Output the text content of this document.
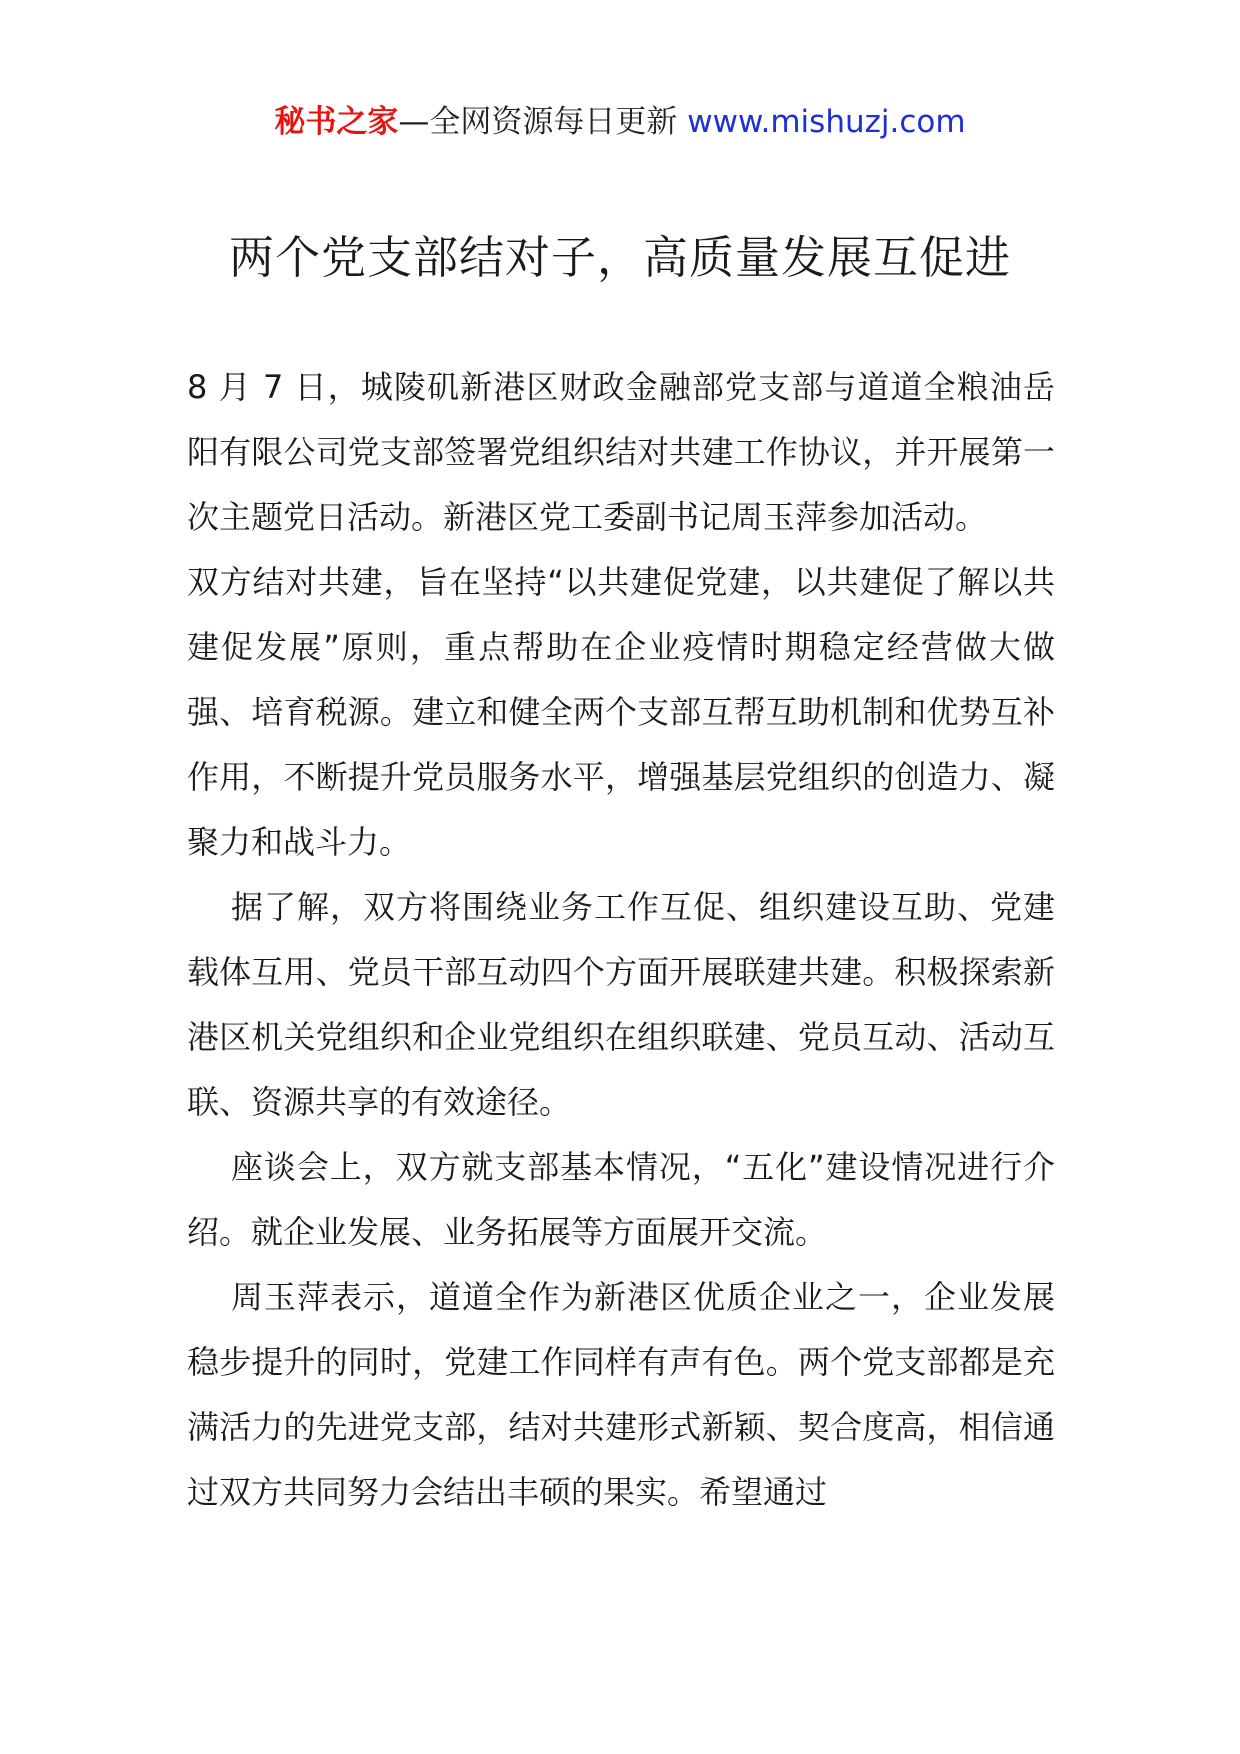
秘书之家—全网资源每日更新 www.mishuzj.com
两个党支部结对子，高质量发展互促进

8 月 7 日，城陵矶新港区财政金融部党支部与道道全粮油岳阳有限公司党支部签署党组织结对共建工作协议，并开展第一次主题党日活动。新港区党工委副书记周玉萍参加活动。

双方结对共建，旨在坚持“以共建促党建，以共建促了解以共建促发展”原则，重点帮助在企业疫情时期稳定经营做大做强、培育税源。建立和健全两个支部互帮互助机制和优势互补作用，不断提升党员服务水平，增强基层党组织的创造力、凝聚力和战斗力。

据了解，双方将围绕业务工作互促、组织建设互助、党建载体互用、党员干部互动四个方面开展联建共建。积极探索新港区机关党组织和企业党组织在组织联建、党员互动、活动互联、资源共享的有效途径。

座谈会上，双方就支部基本情况，“五化”建设情况进行介绍。就企业发展、业务拓展等方面展开交流。

周玉萍表示，道道全作为新港区优质企业之一，企业发展稳步提升的同时，党建工作同样有声有色。两个党支部都是充满活力的先进党支部，结对共建形式新颖、契合度高，相信通过双方共同努力会结出丰硕的果实。希望通过
